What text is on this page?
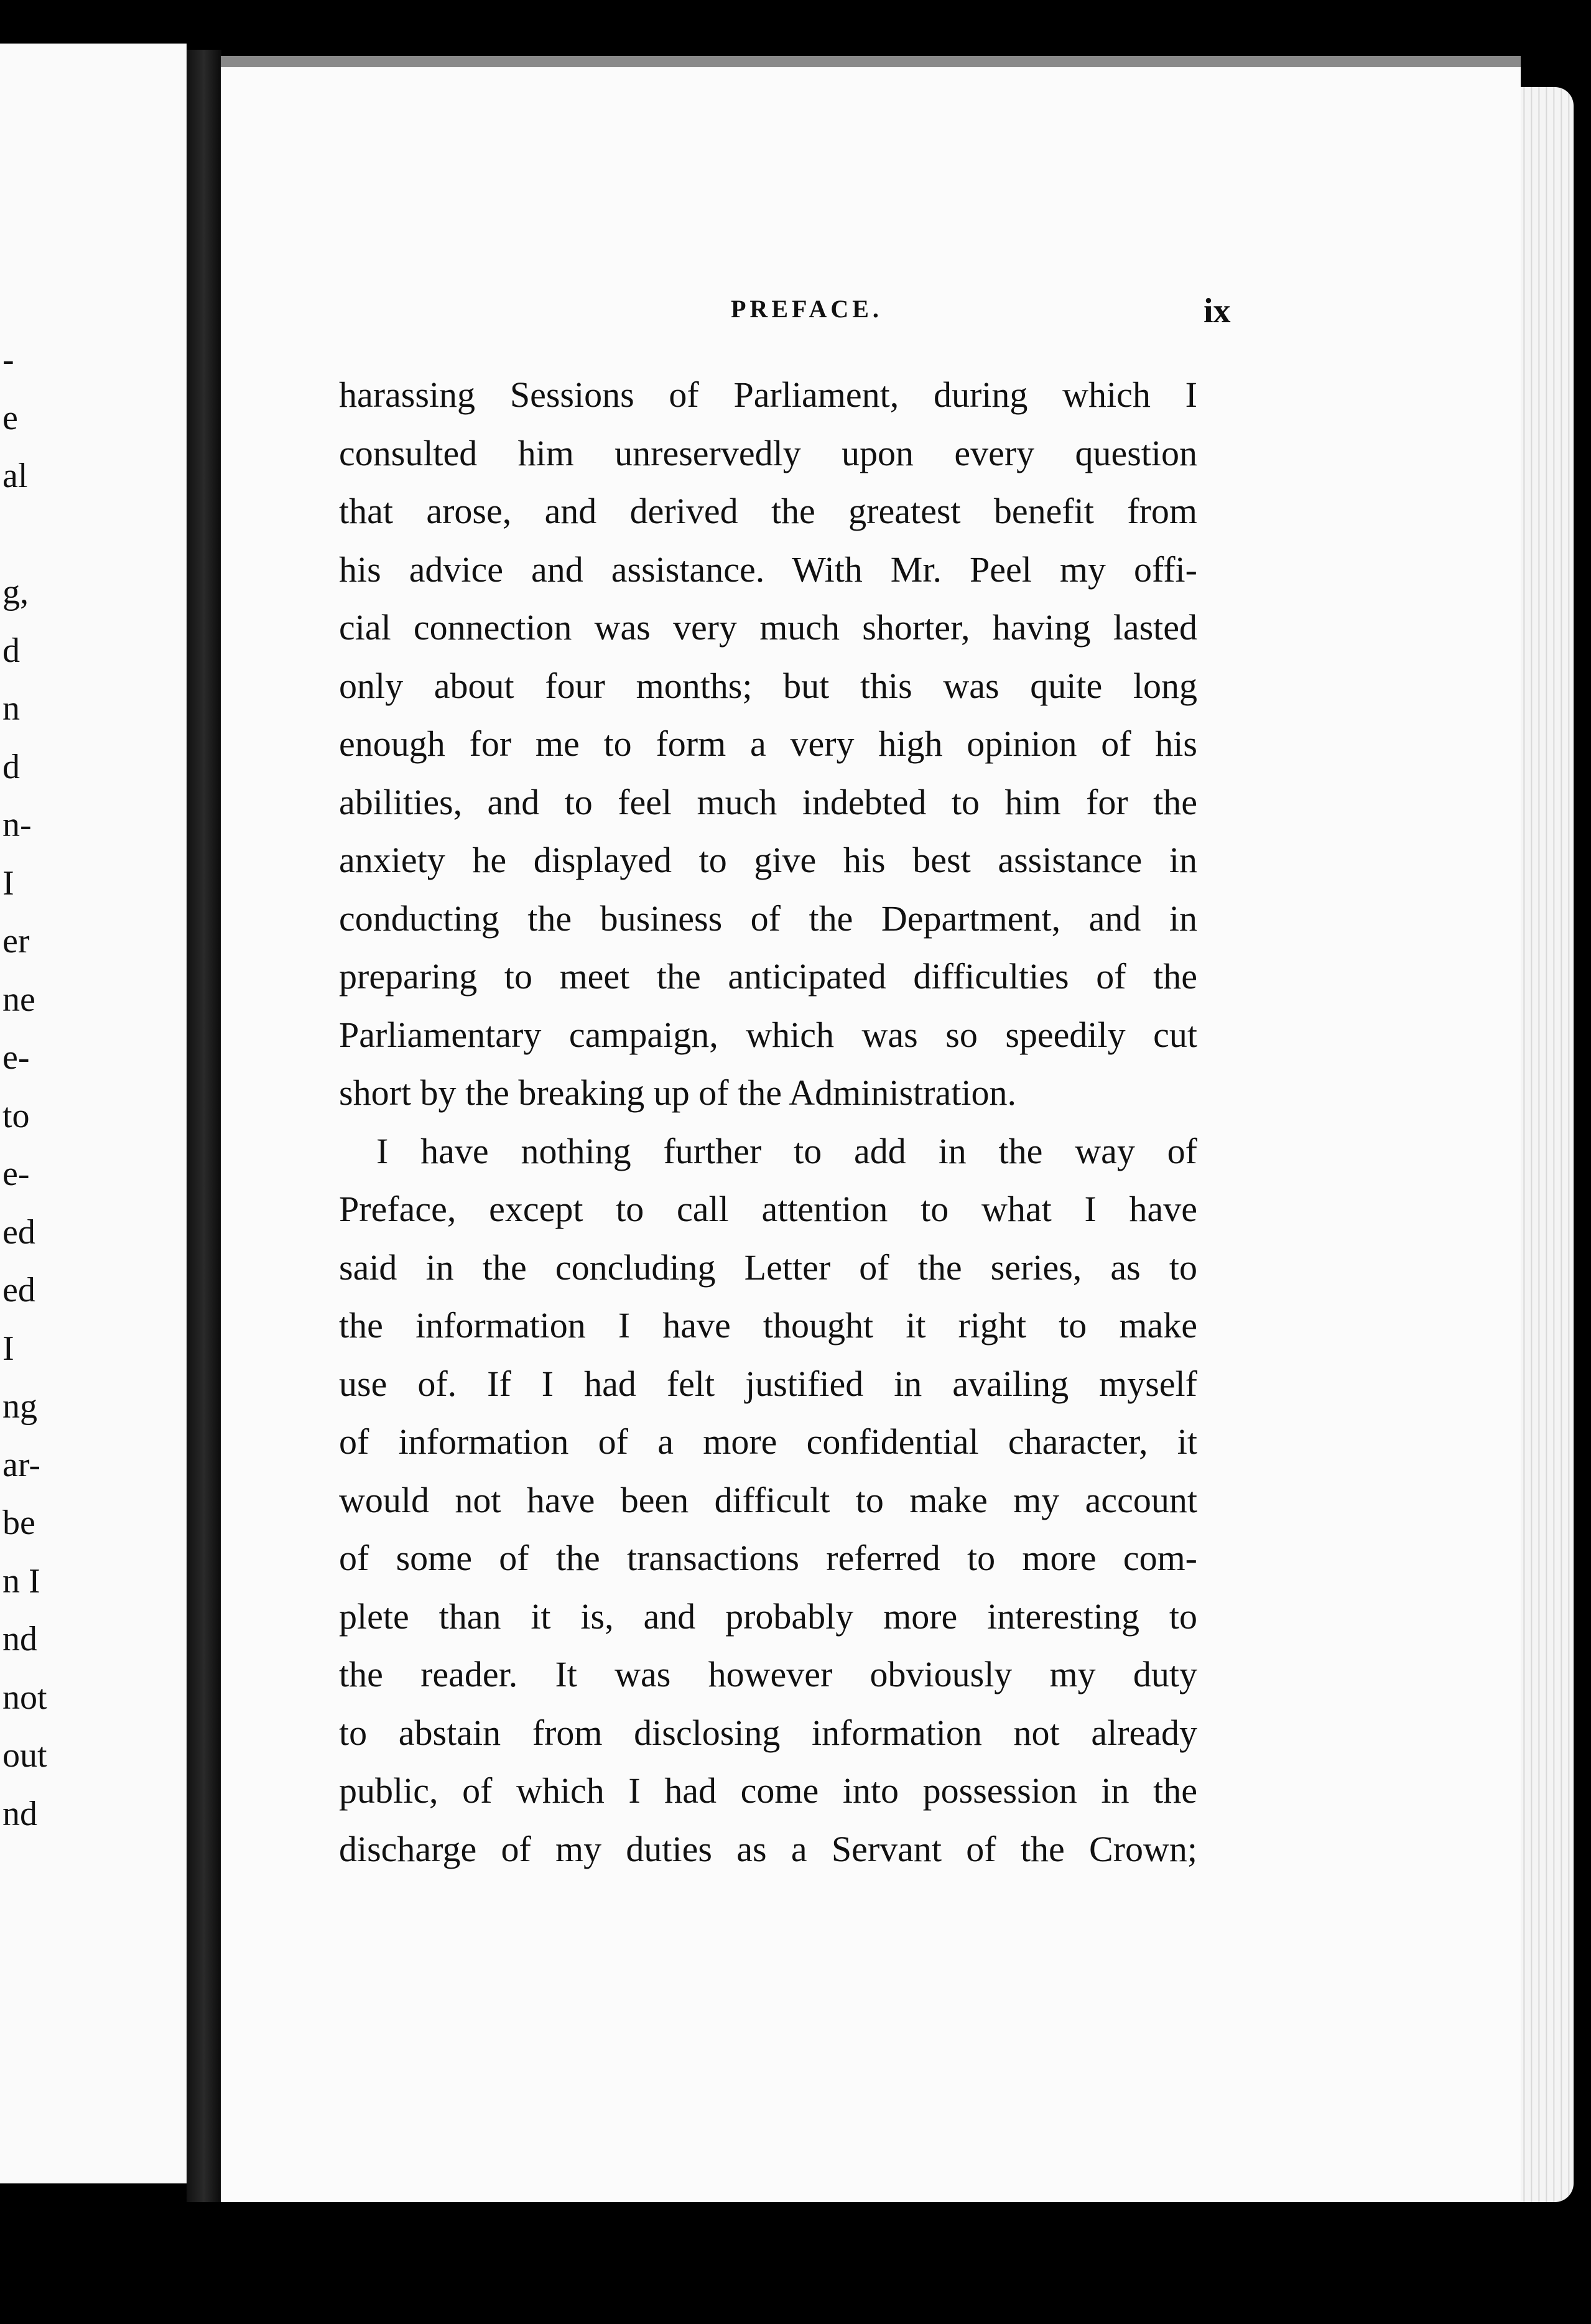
-
e
al
g,
d
n
d
n-
I
er
ne
e-
to
e-
ed
ed
I
ng
ar-
be
n I
nd
not
out
nd
PREFACE.	ix
harassing Sessions of Parliament, during which I
consulted him unreservedly upon every question
that arose, and derived the greatest benefit from
his advice and assistance. With Mr. Peel my offi-
cial connection was very much shorter, having lasted
only about four months; but this was quite long
enough for me to form a very high opinion of his
abilities, and to feel much indebted to him for the
anxiety he displayed to give his best assistance in
conducting the business of the Department, and in
preparing to meet the anticipated difficulties of the
Parliamentary campaign, which was so speedily cut
short by the breaking up of the Administration.
I have nothing further to add in the way of
Preface, except to call attention to what I have
said in the concluding Letter of the series, as to
the information I have thought it right to make
use of. If I had felt justified in availing myself
of information of a more confidential character, it
would not have been difficult to make my account
of some of the transactions referred to more com-
plete than it is, and probably more interesting to
the reader. It was however obviously my duty
to abstain from disclosing information not already
public, of which I had come into possession in the
discharge of my duties as a Servant of the Crown;
